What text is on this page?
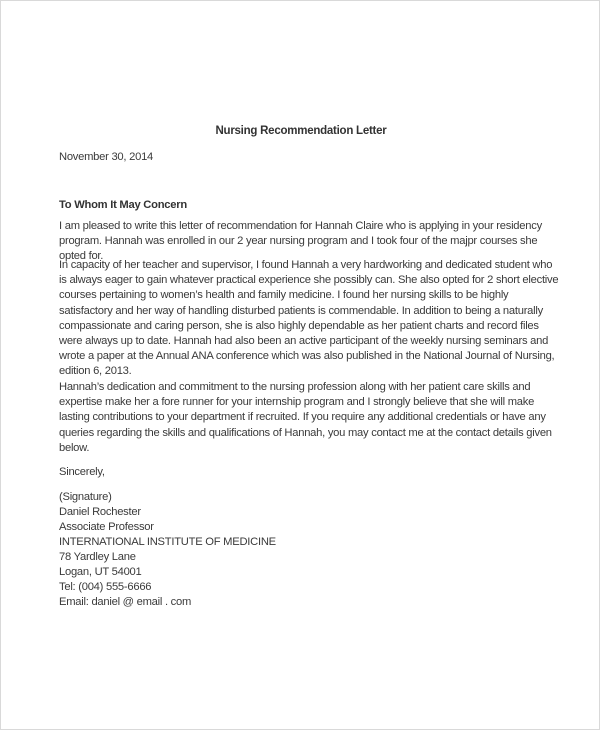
Nursing Recommendation Letter
November 30, 2014
To Whom It May Concern

I am pleased to write this letter of recommendation for Hannah Claire who is applying in your residency program. Hannah was enrolled in our 2 year nursing program and I took four of the majpr courses she opted for.

In capacity of her teacher and supervisor, I found Hannah a very hardworking and dedicated student who is always eager to gain whatever practical experience she possibly can. She also opted for 2 short elective courses pertaining to women’s health and family medicine. I found her nursing skills to be highly satisfactory and her way of handling disturbed patients is commendable. In addition to being a naturally compassionate and caring person, she is also highly dependable as her patient charts and record files were always up to date. Hannah had also been an active participant of the weekly nursing seminars and wrote a paper at the Annual ANA conference which was also published in the National Journal of Nursing, edition 6, 2013.

Hannah’s dedication and commitment to the nursing profession along with her patient care skills and expertise make her a fore runner for your internship program and I strongly believe that she will make lasting contributions to your department if recruited. If you require any additional credentials or have any queries regarding the skills and qualifications of Hannah, you may contact me at the contact details given below.

Sincerely,
(Signature)
Daniel Rochester
Associate Professor
INTERNATIONAL INSTITUTE OF MEDICINE
78 Yardley Lane
Logan, UT 54001
Tel: (004) 555-6666
Email: daniel @ email . com
